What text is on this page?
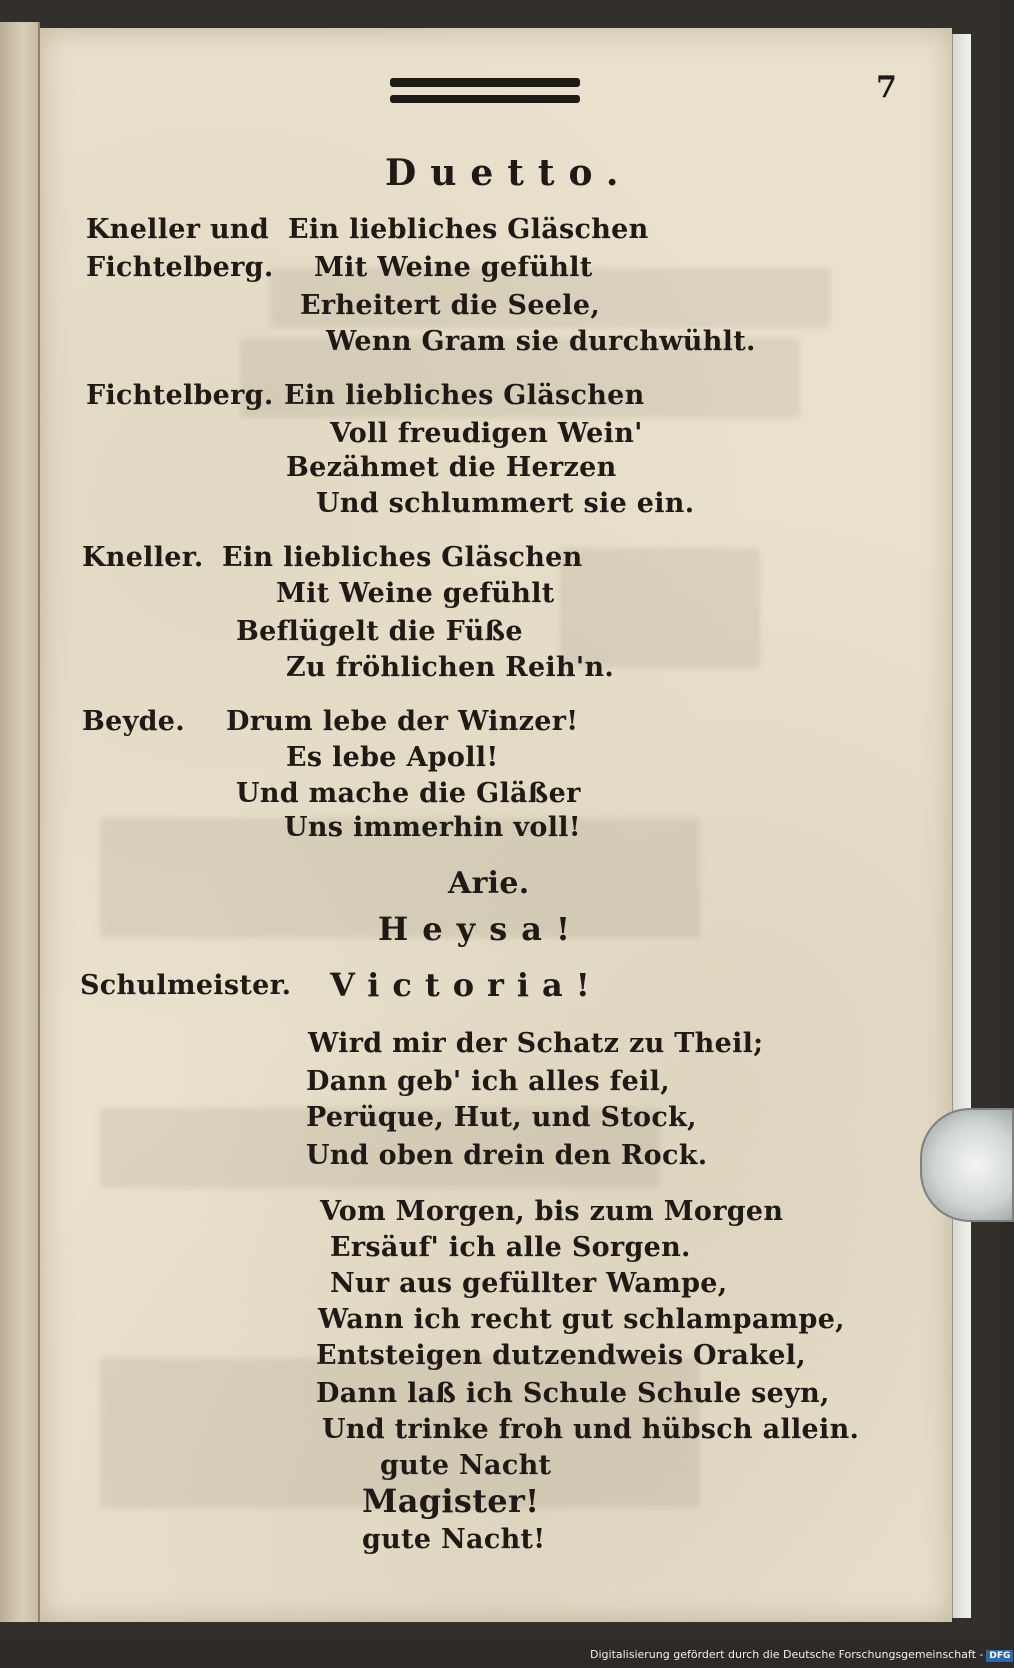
7
Duetto.
Kneller und
Fichtelberg.
Ein liebliches Gläschen
Mit Weine gefühlt
Erheitert die Seele,
Wenn Gram sie durchwühlt.
Fichtelberg. Ein liebliches Gläschen
Voll freudigen Wein'
Bezähmet die Herzen
Und schlummert sie ein.
Kneller. Ein liebliches Gläschen
Mit Weine gefühlt
Beflügelt die Füße
Zu fröhlichen Reih'n.
Beyde. Drum lebe der Winzer!
Es lebe Apoll!
Und mache die Gläßer
Uns immerhin voll!
Arie.
Heysa!
Schulmeister. Victoria!
Wird mir der Schatz zu Theil;
Dann geb' ich alles feil,
Perüque, Hut, und Stock,
Und oben drein den Rock.
Vom Morgen, bis zum Morgen
Ersäuf' ich alle Sorgen.
Nur aus gefüllter Wampe,
Wann ich recht gut schlampampe,
Entsteigen dutzendweis Orakel,
Dann laß ich Schule Schule seyn,
Und trinke froh und hübsch allein.
gute Nacht
Magister!
gute Nacht!
Digitalisierung gefördert durch die Deutsche Forschungsgemeinschaft - DFG
